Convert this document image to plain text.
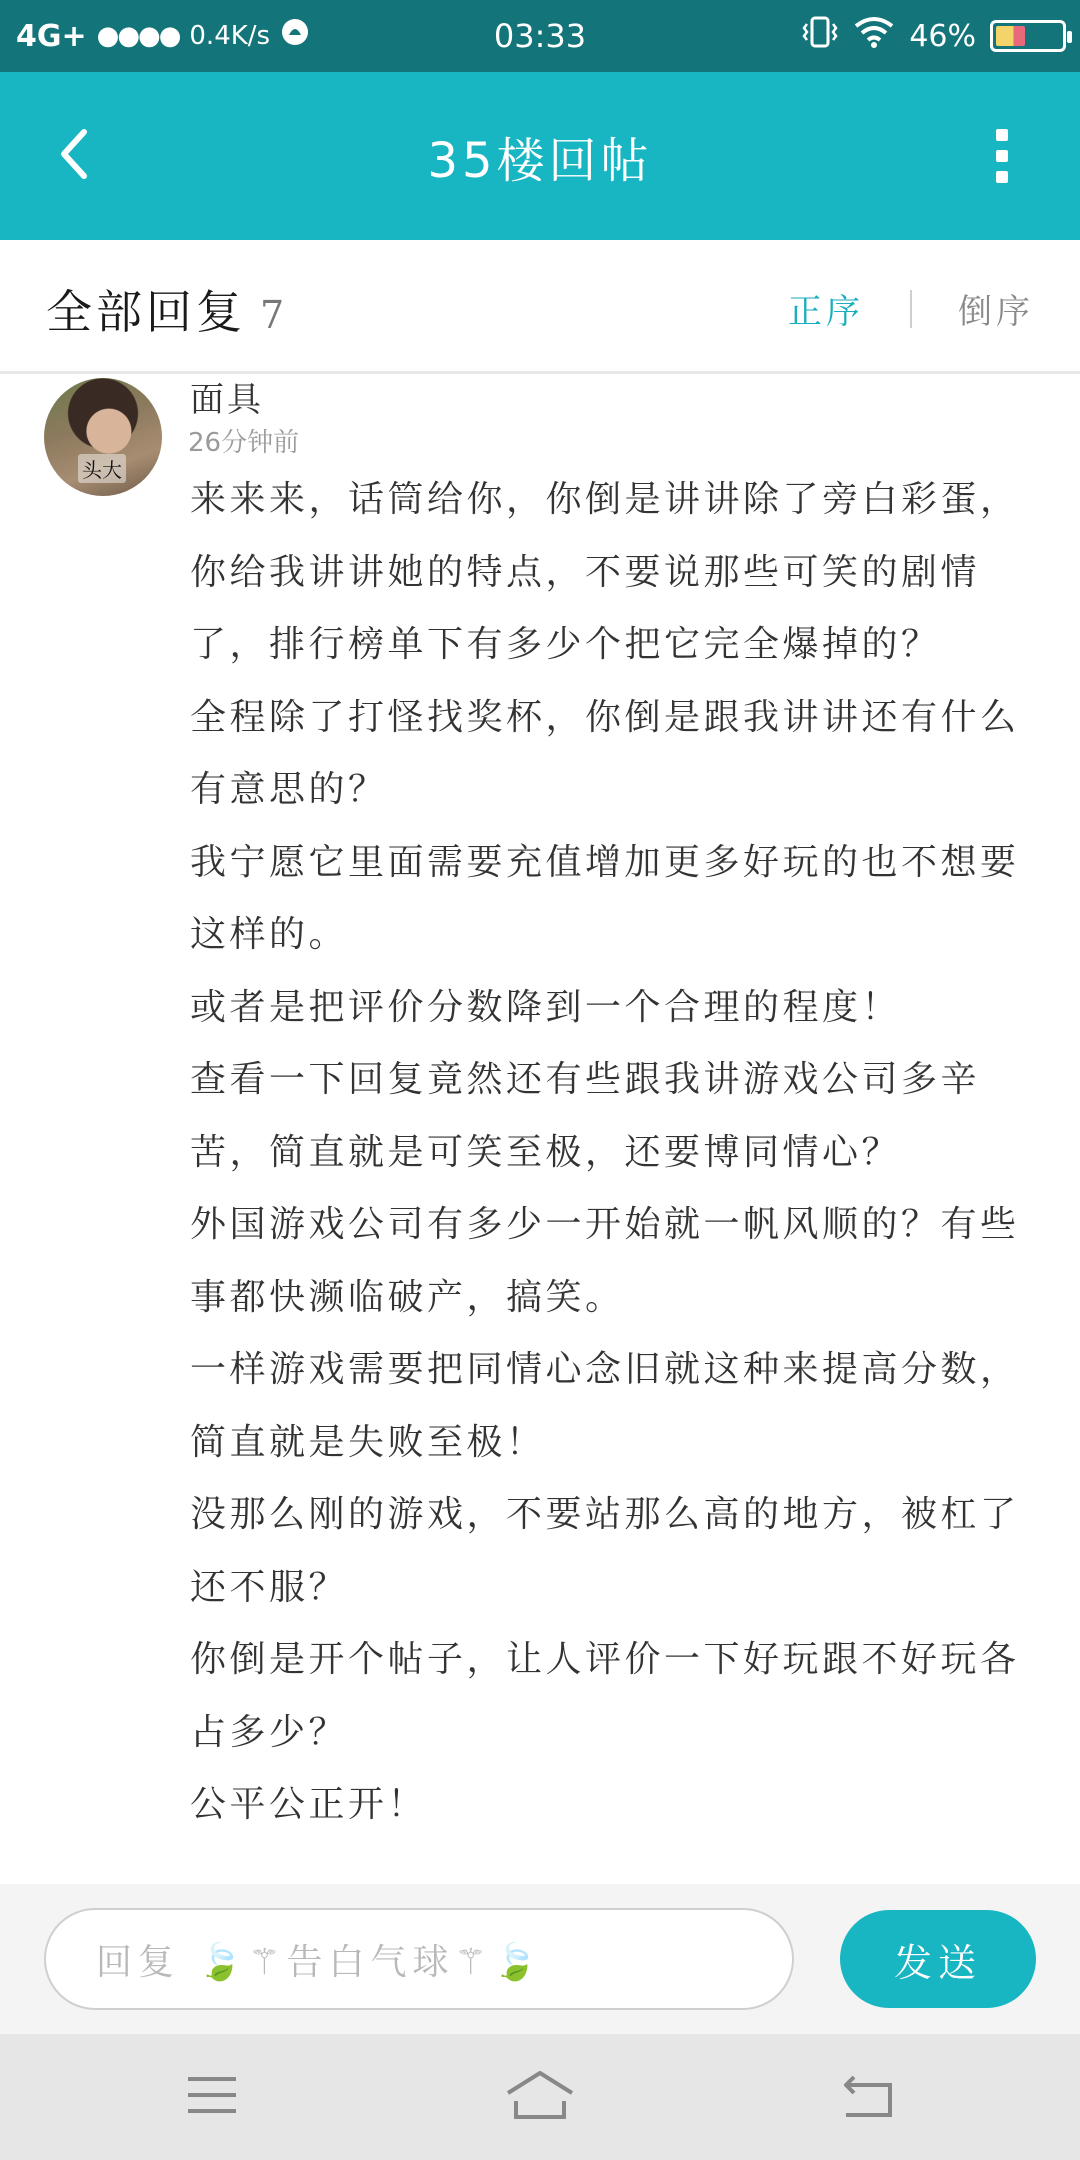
4G+ ●●●● 0.4K/s	03:33	46%
35楼回帖
全部回复 7	正序	倒序
头大
面具
26分钟前

来来来，话筒给你，你倒是讲讲除了旁白彩蛋，你给我讲讲她的特点，不要说那些可笑的剧情了，排行榜单下有多少个把它完全爆掉的？

全程除了打怪找奖杯，你倒是跟我讲讲还有什么有意思的？

我宁愿它里面需要充值增加更多好玩的也不想要这样的。

或者是把评价分数降到一个合理的程度！

查看一下回复竟然还有些跟我讲游戏公司多辛苦，简直就是可笑至极，还要博同情心？

外国游戏公司有多少一开始就一帆风顺的？有些事都快濒临破产，搞笑。

一样游戏需要把同情心念旧就这种来提高分数，简直就是失败至极！

没那么刚的游戏，不要站那么高的地方，被杠了还不服？

你倒是开个帖子，让人评价一下好玩跟不好玩各占多少？

公平公正开！

回复 🍃⚚告白气球⚚🍃	发送
